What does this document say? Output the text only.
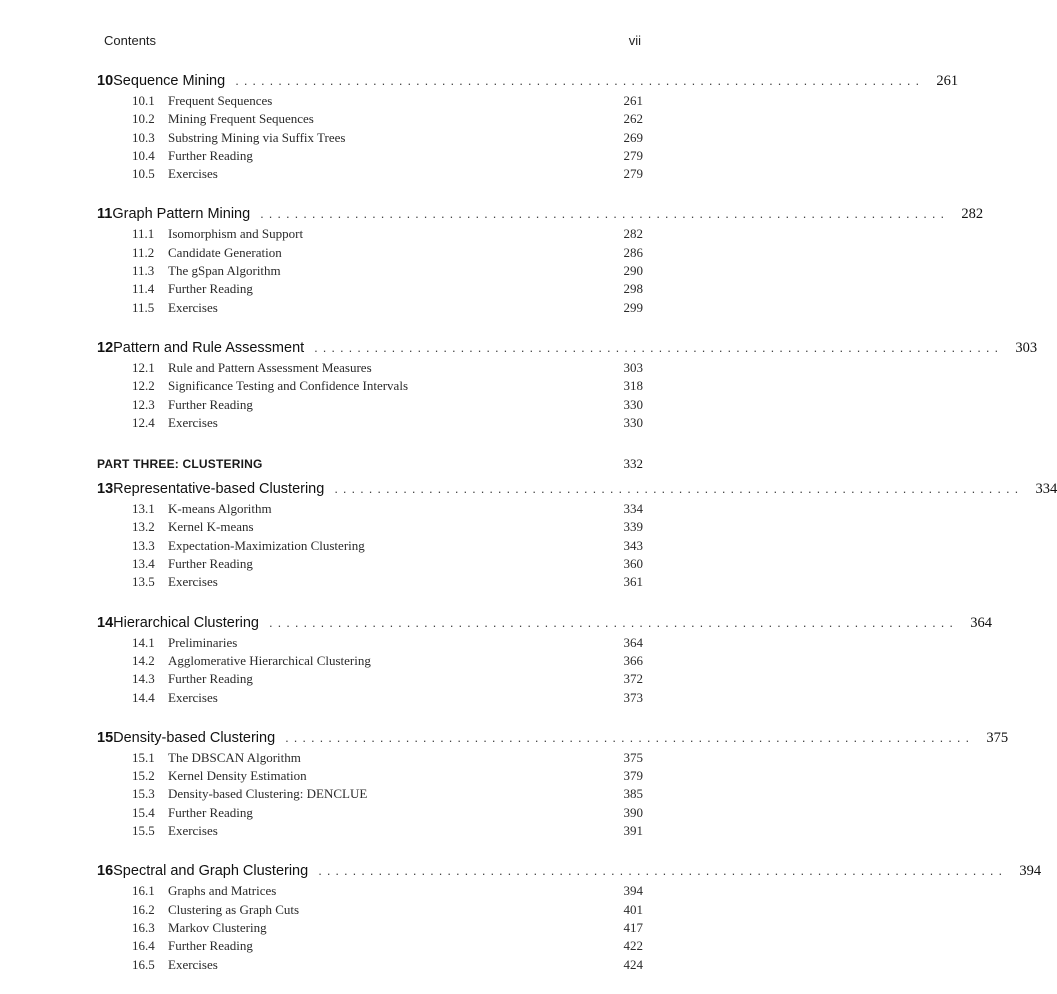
Contents	vii
10 Sequence Mining ................................................................................ 261
10.1	Frequent Sequences	261
10.2	Mining Frequent Sequences	262
10.3	Substring Mining via Suffix Trees	269
10.4	Further Reading	279
10.5	Exercises	279
11 Graph Pattern Mining ................................................................................ 282
11.1	Isomorphism and Support	282
11.2	Candidate Generation	286
11.3	The gSpan Algorithm	290
11.4	Further Reading	298
11.5	Exercises	299
12 Pattern and Rule Assessment ................................................................................ 303
12.1	Rule and Pattern Assessment Measures	303
12.2	Significance Testing and Confidence Intervals	318
12.3	Further Reading	330
12.4	Exercises	330
PART THREE: CLUSTERING	332
13 Representative-based Clustering ................................................................................ 334
13.1	K-means Algorithm	334
13.2	Kernel K-means	339
13.3	Expectation-Maximization Clustering	343
13.4	Further Reading	360
13.5	Exercises	361
14 Hierarchical Clustering ................................................................................ 364
14.1	Preliminaries	364
14.2	Agglomerative Hierarchical Clustering	366
14.3	Further Reading	372
14.4	Exercises	373
15 Density-based Clustering ................................................................................ 375
15.1	The DBSCAN Algorithm	375
15.2	Kernel Density Estimation	379
15.3	Density-based Clustering: DENCLUE	385
15.4	Further Reading	390
15.5	Exercises	391
16 Spectral and Graph Clustering ................................................................................ 394
16.1	Graphs and Matrices	394
16.2	Clustering as Graph Cuts	401
16.3	Markov Clustering	417
16.4	Further Reading	422
16.5	Exercises	424
